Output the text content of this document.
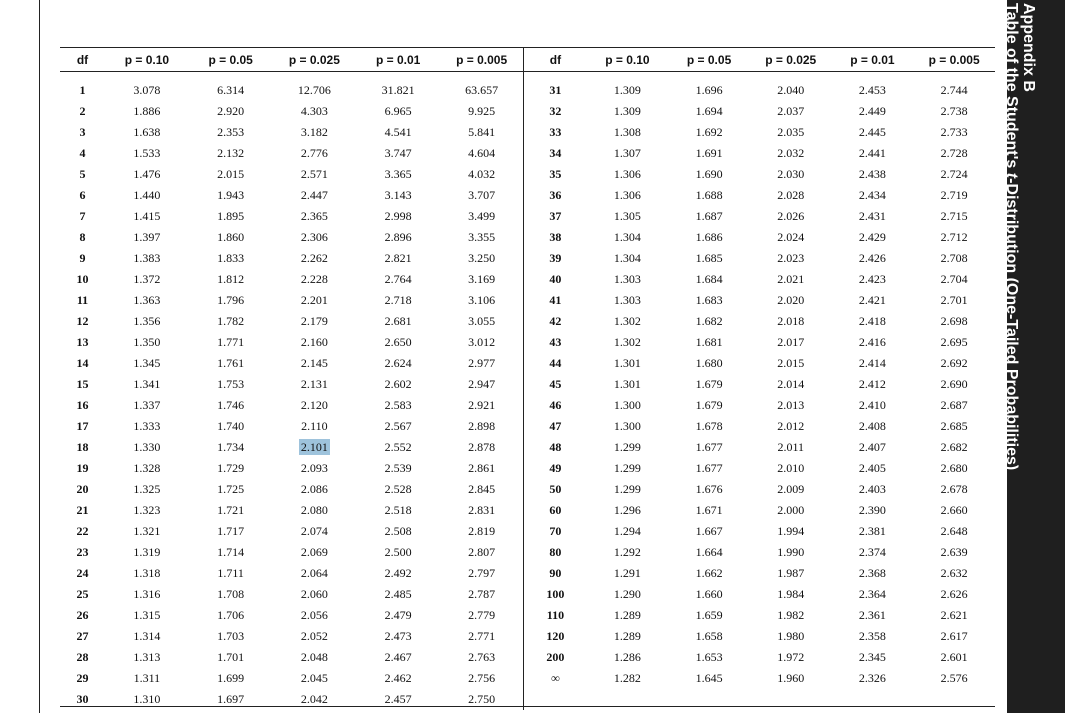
df	p = 0.10	p = 0.05	p = 0.025	p = 0.01	p = 0.005	df	p = 0.10	p = 0.05	p = 0.025	p = 0.01	p = 0.005
1	3.078	6.314	12.706	31.821	63.657	31	1.309	1.696	2.040	2.453	2.744
2	1.886	2.920	4.303	6.965	9.925	32	1.309	1.694	2.037	2.449	2.738
3	1.638	2.353	3.182	4.541	5.841	33	1.308	1.692	2.035	2.445	2.733
4	1.533	2.132	2.776	3.747	4.604	34	1.307	1.691	2.032	2.441	2.728
5	1.476	2.015	2.571	3.365	4.032	35	1.306	1.690	2.030	2.438	2.724
6	1.440	1.943	2.447	3.143	3.707	36	1.306	1.688	2.028	2.434	2.719
7	1.415	1.895	2.365	2.998	3.499	37	1.305	1.687	2.026	2.431	2.715
8	1.397	1.860	2.306	2.896	3.355	38	1.304	1.686	2.024	2.429	2.712
9	1.383	1.833	2.262	2.821	3.250	39	1.304	1.685	2.023	2.426	2.708
10	1.372	1.812	2.228	2.764	3.169	40	1.303	1.684	2.021	2.423	2.704
11	1.363	1.796	2.201	2.718	3.106	41	1.303	1.683	2.020	2.421	2.701
12	1.356	1.782	2.179	2.681	3.055	42	1.302	1.682	2.018	2.418	2.698
13	1.350	1.771	2.160	2.650	3.012	43	1.302	1.681	2.017	2.416	2.695
14	1.345	1.761	2.145	2.624	2.977	44	1.301	1.680	2.015	2.414	2.692
15	1.341	1.753	2.131	2.602	2.947	45	1.301	1.679	2.014	2.412	2.690
16	1.337	1.746	2.120	2.583	2.921	46	1.300	1.679	2.013	2.410	2.687
17	1.333	1.740	2.110	2.567	2.898	47	1.300	1.678	2.012	2.408	2.685
18	1.330	1.734	2.101	2.552	2.878	48	1.299	1.677	2.011	2.407	2.682
19	1.328	1.729	2.093	2.539	2.861	49	1.299	1.677	2.010	2.405	2.680
20	1.325	1.725	2.086	2.528	2.845	50	1.299	1.676	2.009	2.403	2.678
21	1.323	1.721	2.080	2.518	2.831	60	1.296	1.671	2.000	2.390	2.660
22	1.321	1.717	2.074	2.508	2.819	70	1.294	1.667	1.994	2.381	2.648
23	1.319	1.714	2.069	2.500	2.807	80	1.292	1.664	1.990	2.374	2.639
24	1.318	1.711	2.064	2.492	2.797	90	1.291	1.662	1.987	2.368	2.632
25	1.316	1.708	2.060	2.485	2.787	100	1.290	1.660	1.984	2.364	2.626
26	1.315	1.706	2.056	2.479	2.779	110	1.289	1.659	1.982	2.361	2.621
27	1.314	1.703	2.052	2.473	2.771	120	1.289	1.658	1.980	2.358	2.617
28	1.313	1.701	2.048	2.467	2.763	200	1.286	1.653	1.972	2.345	2.601
29	1.311	1.699	2.045	2.462	2.756	∞	1.282	1.645	1.960	2.326	2.576
30	1.310	1.697	2.042	2.457	2.750						
Appendix B
Table of the Student's t-Distribution (One-Tailed Probabilities)
